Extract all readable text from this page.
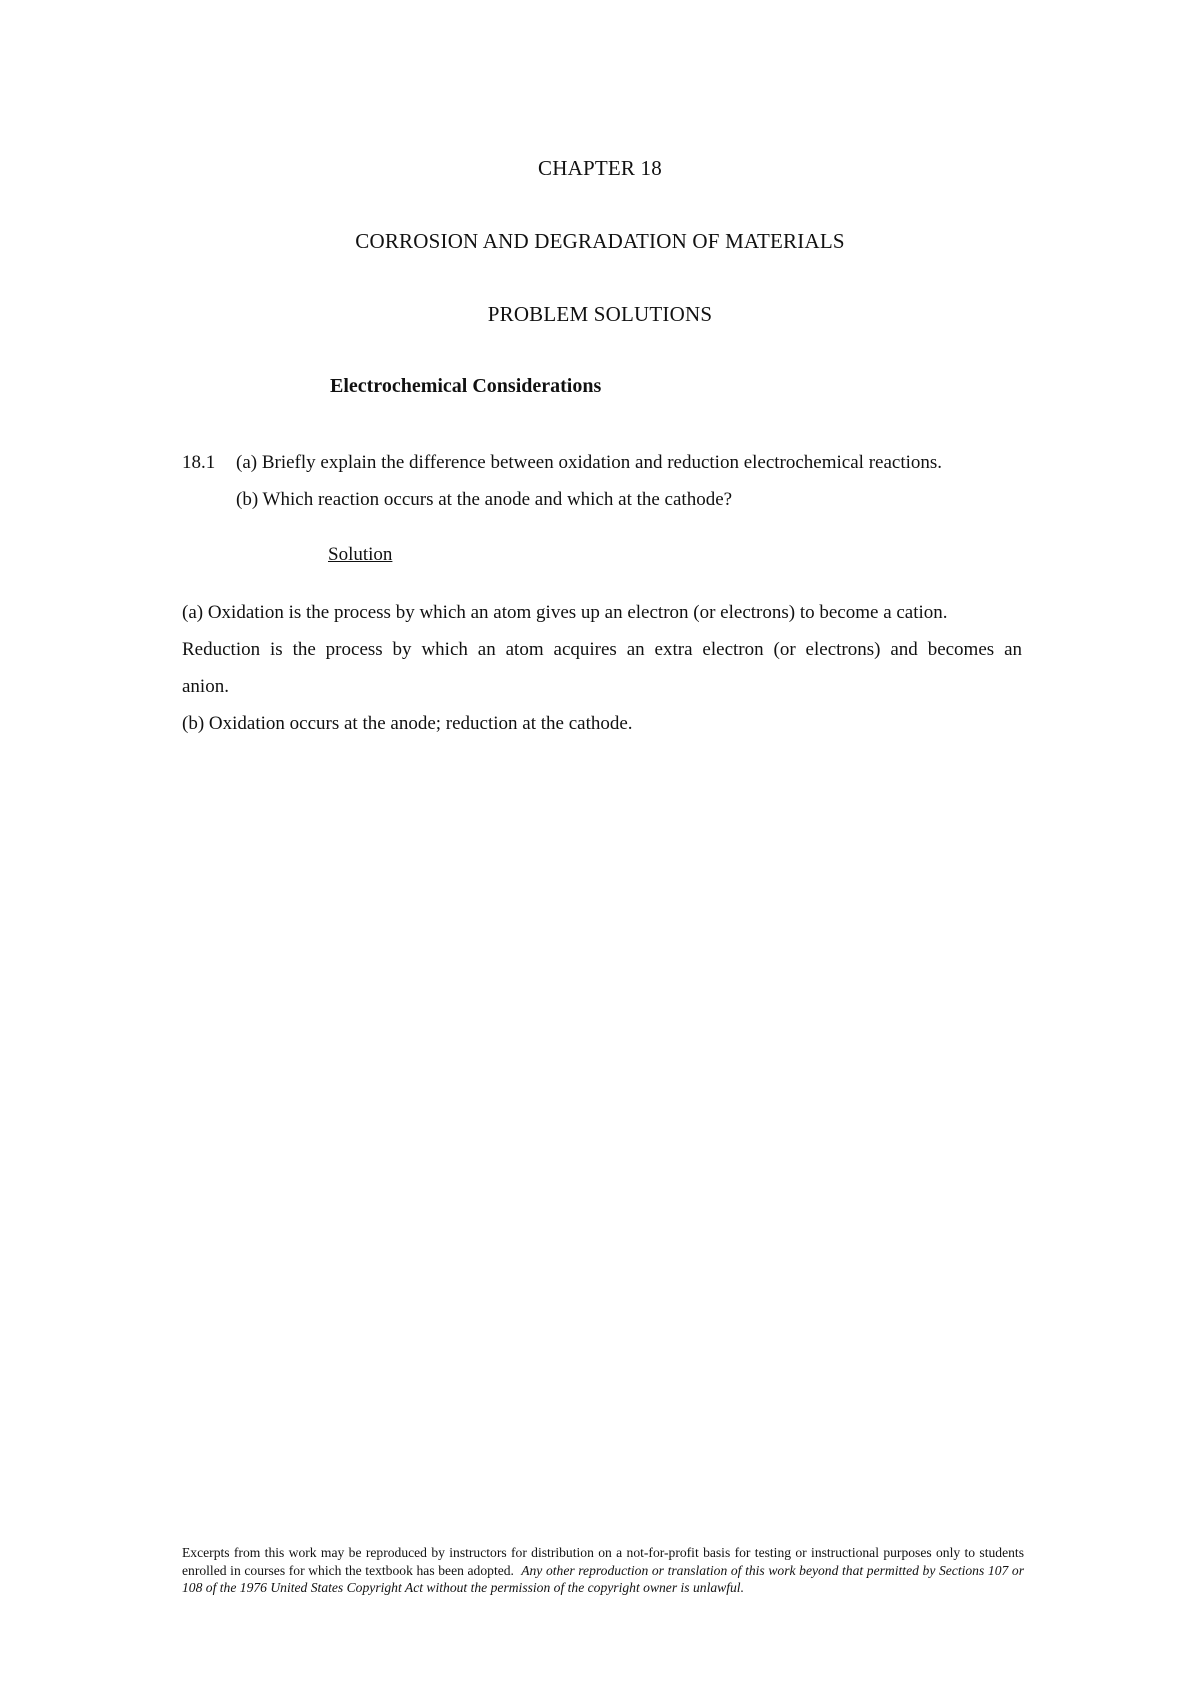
CHAPTER 18
CORROSION AND DEGRADATION OF MATERIALS
PROBLEM SOLUTIONS
Electrochemical Considerations
18.1 (a) Briefly explain the difference between oxidation and reduction electrochemical reactions.
(b) Which reaction occurs at the anode and which at the cathode?
Solution
(a) Oxidation is the process by which an atom gives up an electron (or electrons) to become a cation.
Reduction is the process by which an atom acquires an extra electron (or electrons) and becomes an
anion.
(b) Oxidation occurs at the anode; reduction at the cathode.
Excerpts from this work may be reproduced by instructors for distribution on a not-for-profit basis for testing or instructional purposes only to students enrolled in courses for which the textbook has been adopted. Any other reproduction or translation of this work beyond that permitted by Sections 107 or 108 of the 1976 United States Copyright Act without the permission of the copyright owner is unlawful.
